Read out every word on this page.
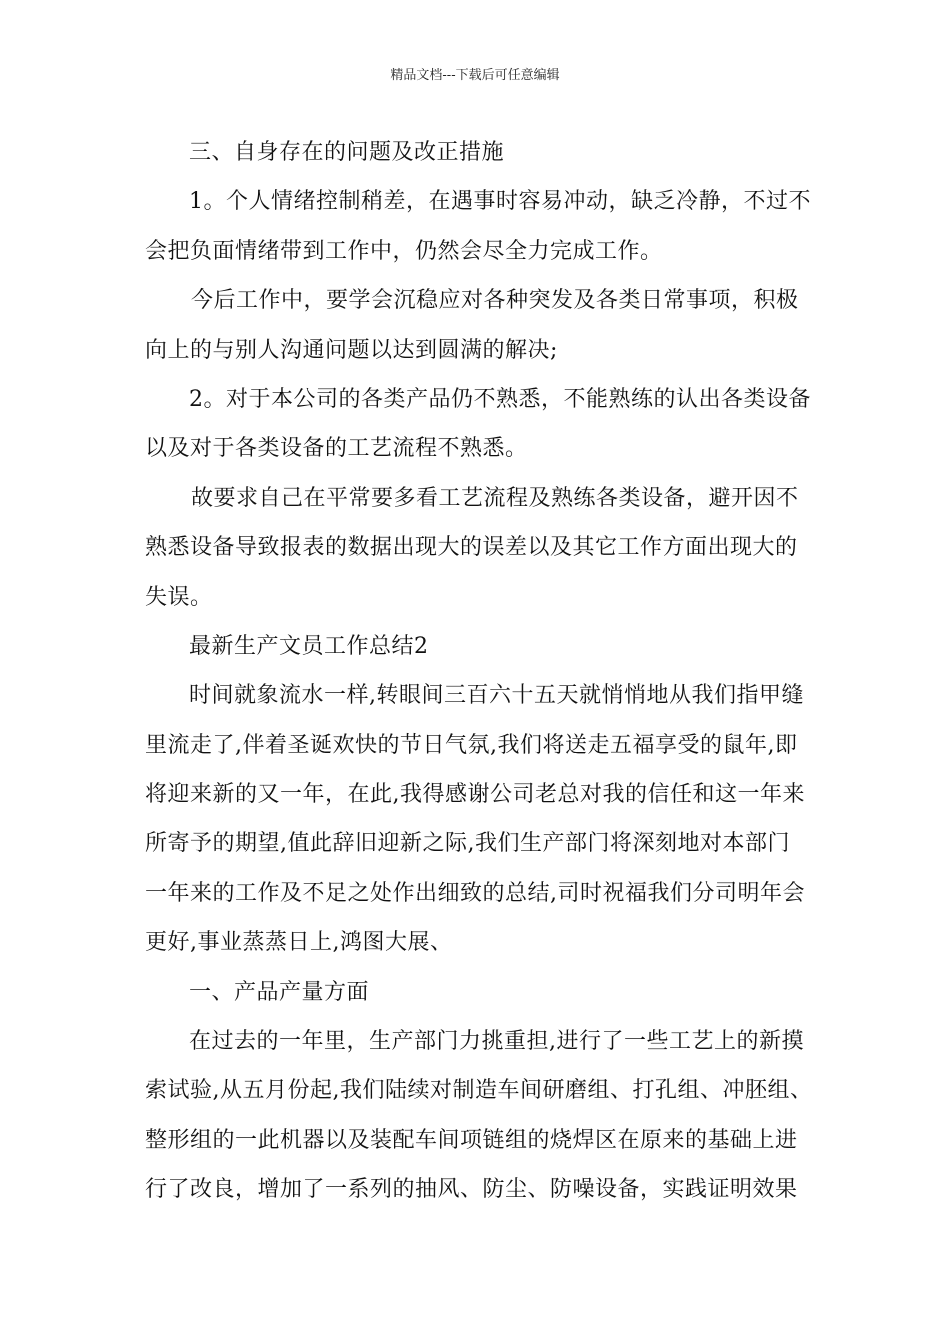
精品文档---下载后可任意编辑
三、自身存在的问题及改正措施
1。个人情绪控制稍差，在遇事时容易冲动，缺乏冷静，不过不
会把负面情绪带到工作中，仍然会尽全力完成工作。
今后工作中，要学会沉稳应对各种突发及各类日常事项，积极
向上的与别人沟通问题以达到圆满的解决;
2。对于本公司的各类产品仍不熟悉，不能熟练的认出各类设备
以及对于各类设备的工艺流程不熟悉。
故要求自己在平常要多看工艺流程及熟练各类设备，避开因不
熟悉设备导致报表的数据出现大的误差以及其它工作方面出现大的
失误。
最新生产文员工作总结2
时间就象流水一样,转眼间三百六十五天就悄悄地从我们指甲缝
里流走了,伴着圣诞欢快的节日气氛,我们将送走五福享受的鼠年,即
将迎来新的又一年，在此,我得感谢公司老总对我的信任和这一年来
所寄予的期望,值此辞旧迎新之际,我们生产部门将深刻地对本部门
一年来的工作及不足之处作出细致的总结,司时祝福我们分司明年会
更好,事业蒸蒸日上,鸿图大展、
一、产品产量方面
在过去的一年里，生产部门力挑重担,进行了一些工艺上的新摸
索试验,从五月份起,我们陆续对制造车间研磨组、打孔组、冲胚组、
整形组的一此机器以及装配车间项链组的烧焊区在原来的基础上进
行了改良，增加了一系列的抽风、防尘、防噪设备，实践证明效果
